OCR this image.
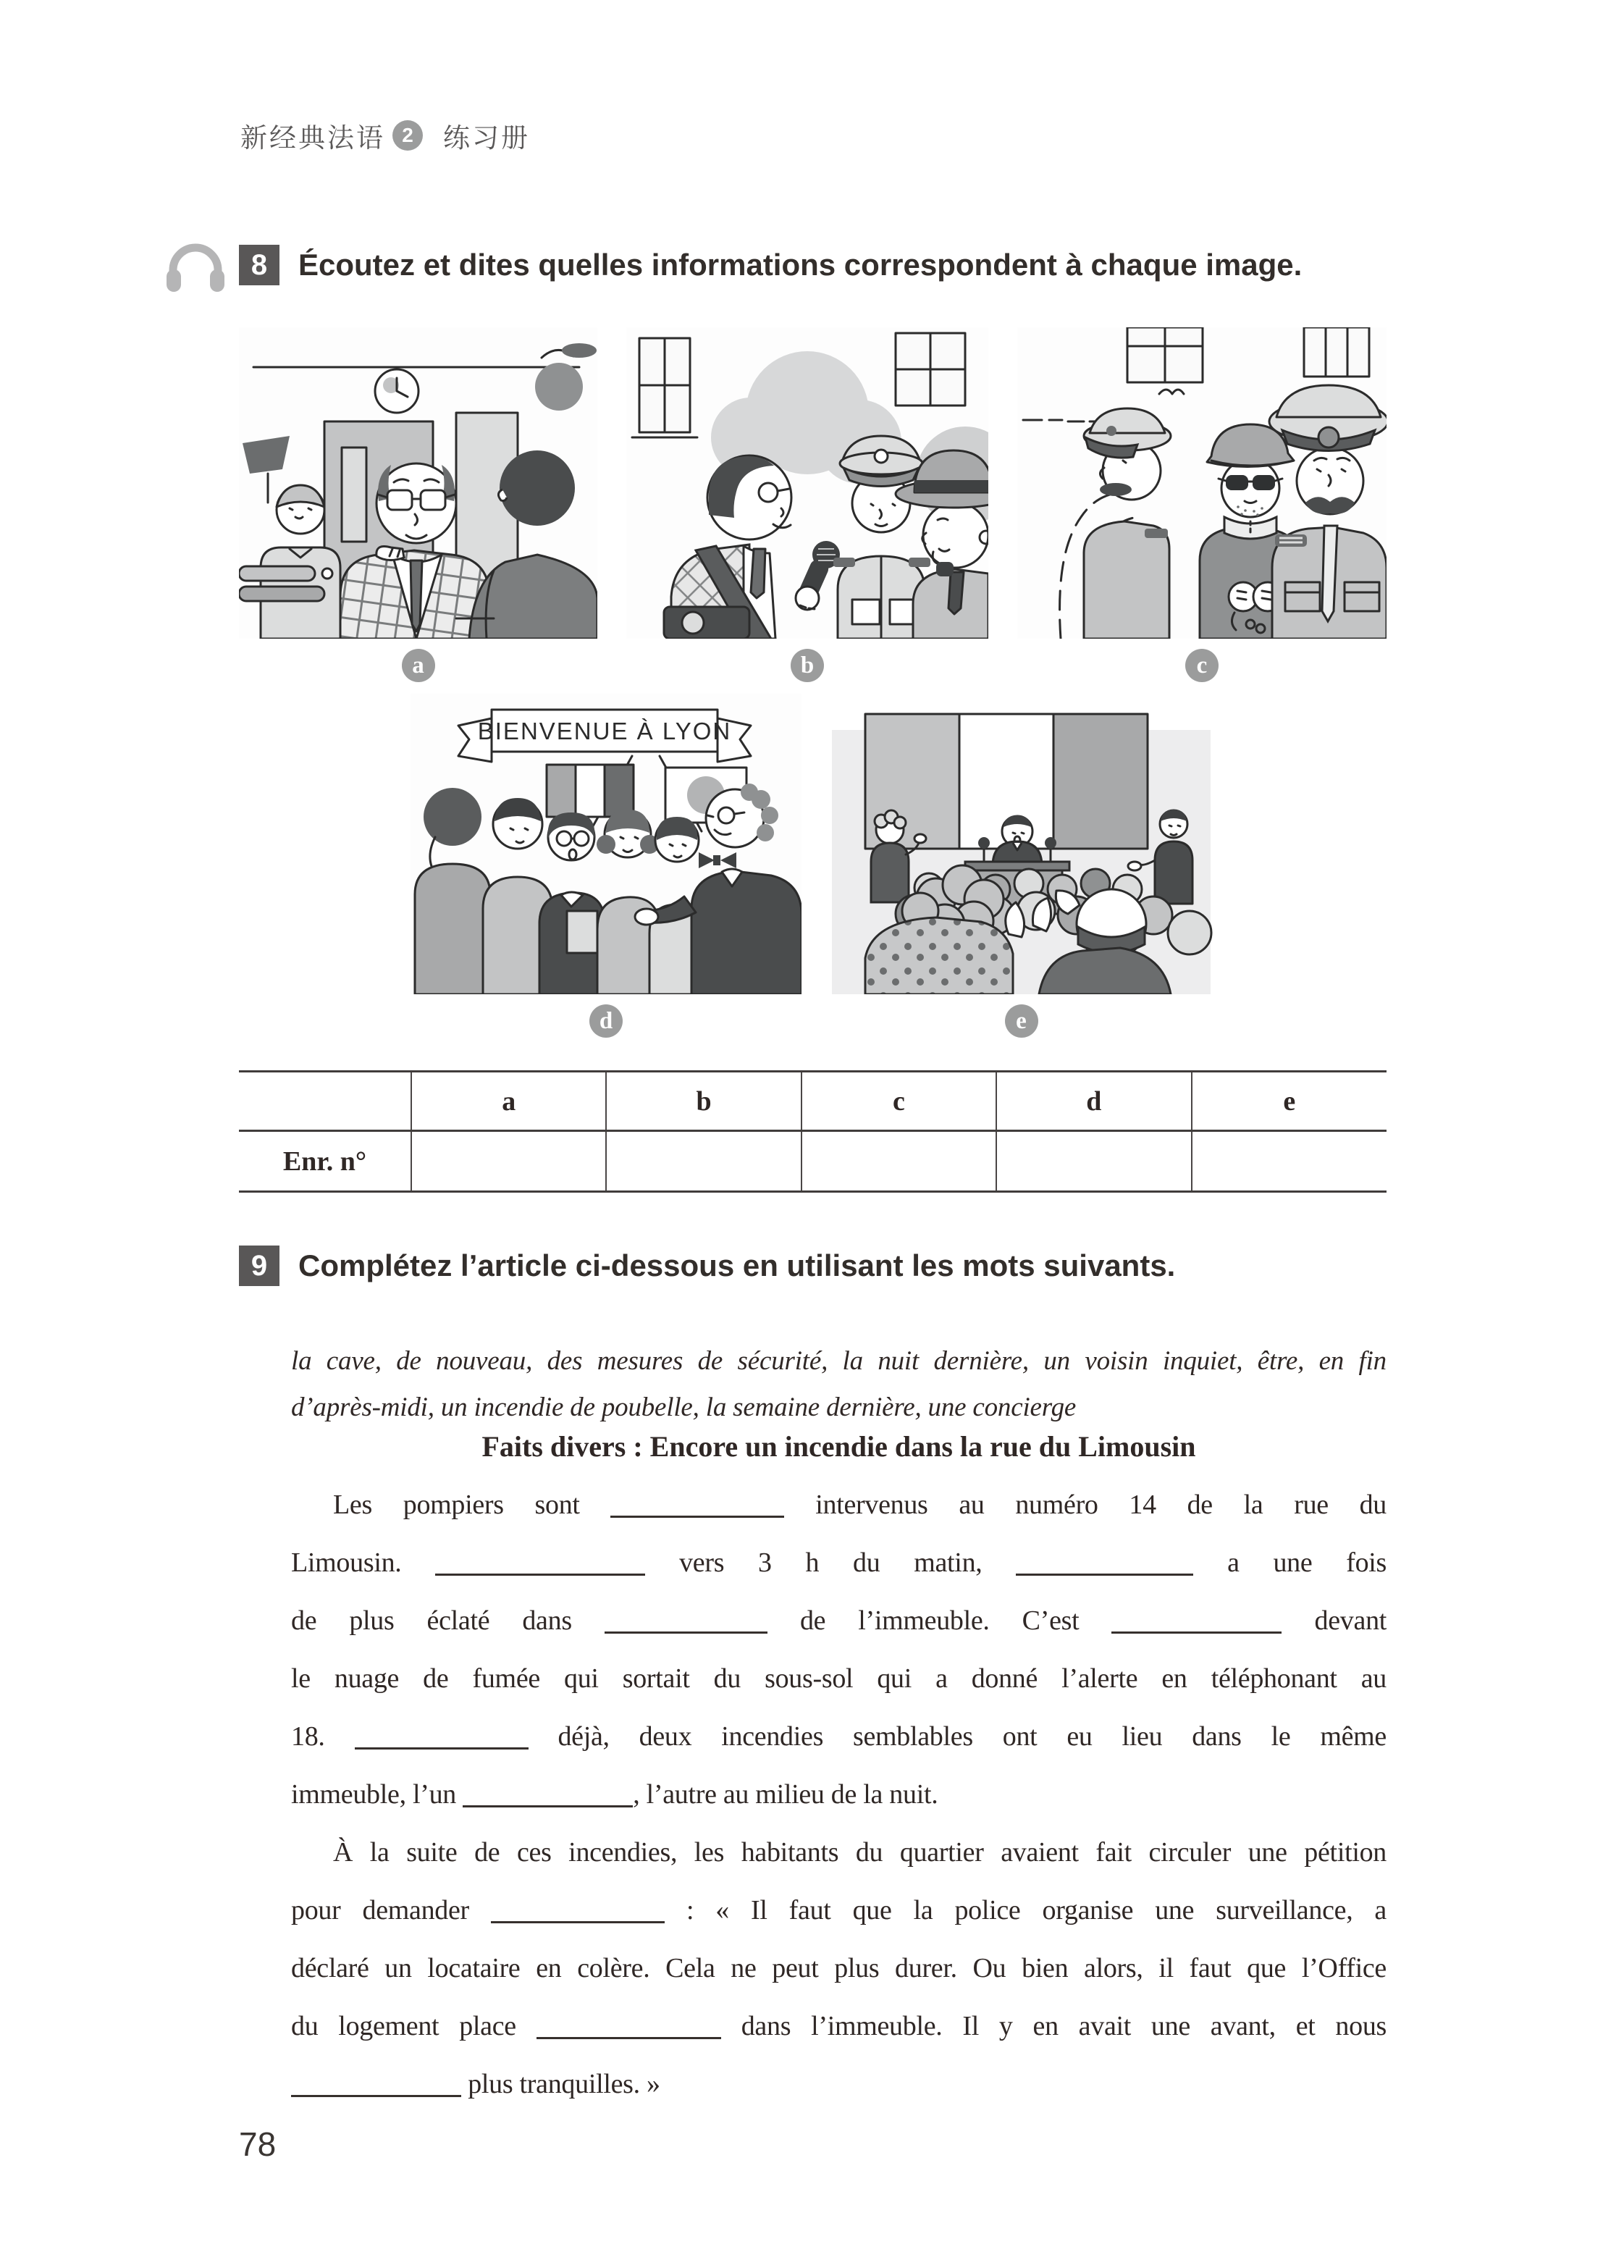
新经典法语 2	练习册
8	Écoutez et dites quelles informations correspondent à chaque image.
a	b	c
BIENVENUE À LYON
d	e
	a	b	c	d	e
Enr. n°					
9	Complétez l’article ci-dessous en utilisant les mots suivants.
la cave, de nouveau, des mesures de sécurité, la nuit dernière, un voisin inquiet, être, en fin
d’après-midi, un incendie de poubelle, la semaine dernière, une concierge
Faits divers : Encore un incendie dans la rue du Limousin
Les pompiers sont	intervenus au numéro 14 de la rue du
Limousin.	vers 3 h du matin,	a une fois
de plus éclaté dans	de l’immeuble. C’est	devant
le nuage de fumée qui sortait du sous-sol qui a donné l’alerte en téléphonant au
18.	déjà, deux incendies semblables ont eu lieu dans le même
immeuble, l’un	, l’autre au milieu de la nuit.
À la suite de ces incendies, les habitants du quartier avaient fait circuler une pétition
pour demander	: « Il faut que la police organise une surveillance, a
déclaré un locataire en colère. Cela ne peut plus durer. Ou bien alors, il faut que l’Office
du logement place	dans l’immeuble. Il y en avait une avant, et nous
plus tranquilles. »
78
